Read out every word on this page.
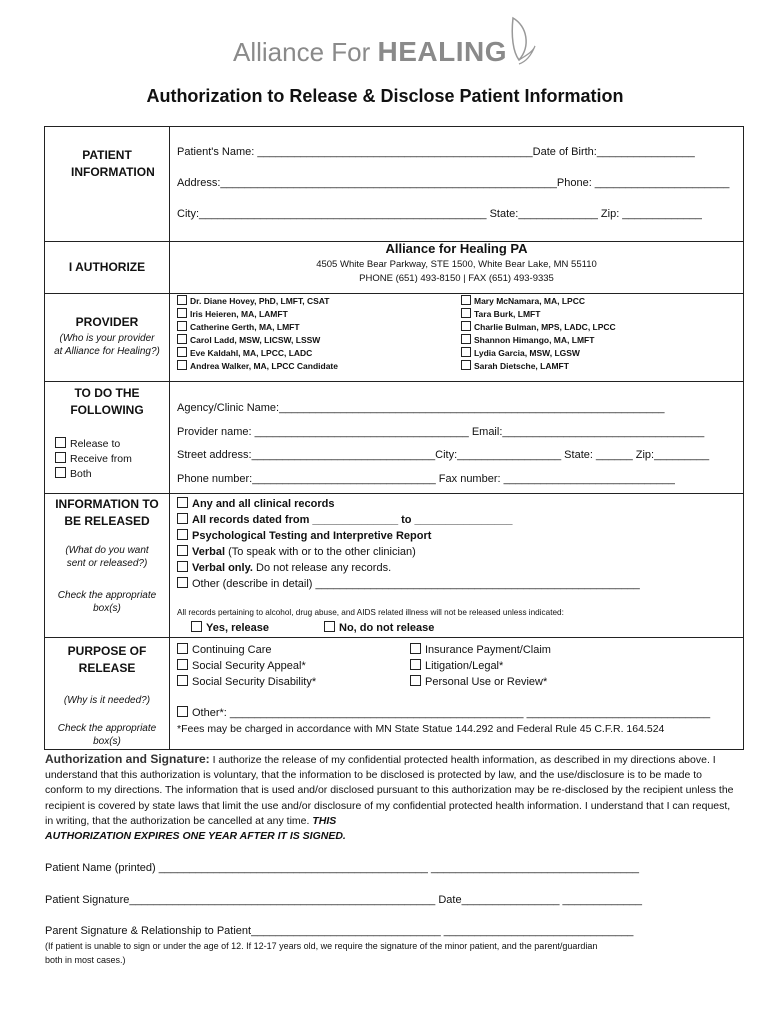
Alliance For HEALING
Authorization to Release & Disclose Patient Information
PATIENT INFORMATION
Patient's Name: _____________________________________________Date of Birth:________________
Address:_______________________________________________________Phone: ______________________
City:_______________________________________________ State:_____________ Zip: _____________
I AUTHORIZE
Alliance for Healing PA
4505 White Bear Parkway, STE 1500, White Bear Lake, MN 55110
PHONE (651) 493-8150 | FAX (651) 493-9335
PROVIDER
(Who is your provider
at Alliance for Healing?)
TO DO THE
FOLLOWING
Release to
Receive from
Both
Agency/Clinic Name:_______________________________________________________________
Provider name: ___________________________________ Email:_________________________________
Street address:______________________________City:_________________ State: ______ Zip:_________
Phone number:______________________________ Fax number: ____________________________
INFORMATION TO
BE RELEASED
(What do you want
sent or released?)
Check the appropriate
box(s)
Any and all clinical records
All records dated from ______________ to ________________
Psychological Testing and Interpretive Report
Verbal (To speak with or to the other clinician)
Verbal only. Do not release any records.
Other (describe in detail) _____________________________________________________
All records pertaining to alcohol, drug abuse, and AIDS related illness will not be released unless indicated:
Yes, release	No, do not release
PURPOSE OF
RELEASE
(Why is it needed?)
Check the appropriate
box(s)
Continuing Care
Social Security Appeal*
Social Security Disability*
Insurance Payment/Claim
Litigation/Legal*
Personal Use or Review*
Other*: ________________________________________________ ______________________________
*Fees may be charged in accordance with MN State Statue 144.292 and Federal Rule 45 C.F.R. 164.524
Dr. Diane Hovey, PhD, LMFT, CSAT
Iris Heieren, MA, LAMFT
Catherine Gerth, MA, LMFT
Carol Ladd, MSW, LICSW, LSSW
Eve Kaldahl, MA, LPCC, LADC
Andrea Walker, MA, LPCC Candidate
Mary McNamara, MA, LPCC
Tara Burk, LMFT
Charlie Bulman, MPS, LADC, LPCC
Shannon Himango, MA, LMFT
Lydia Garcia, MSW, LGSW
Sarah Dietsche, LAMFT
Authorization and Signature: I authorize the release of my confidential protected health information, as described in my directions above. I understand that this authorization is voluntary, that the information to be disclosed is protected by law, and the use/disclosure is to be made to conform to my directions. The information that is used and/or disclosed pursuant to this authorization may be re-disclosed by the recipient unless the recipient is covered by state laws that limit the use and/or disclosure of my confidential protected health information. I understand that I can request, in writing, that the authorization be cancelled at any time. THIS
AUTHORIZATION EXPIRES ONE YEAR AFTER IT IS SIGNED.
Patient Name (printed) ____________________________________________ __________________________________
Patient Signature__________________________________________________ Date________________ _____________
Parent Signature & Relationship to Patient_______________________________ _______________________________
(If patient is unable to sign or under the age of 12. If 12-17 years old, we require the signature of the minor patient, and the parent/guardian
both in most cases.)
